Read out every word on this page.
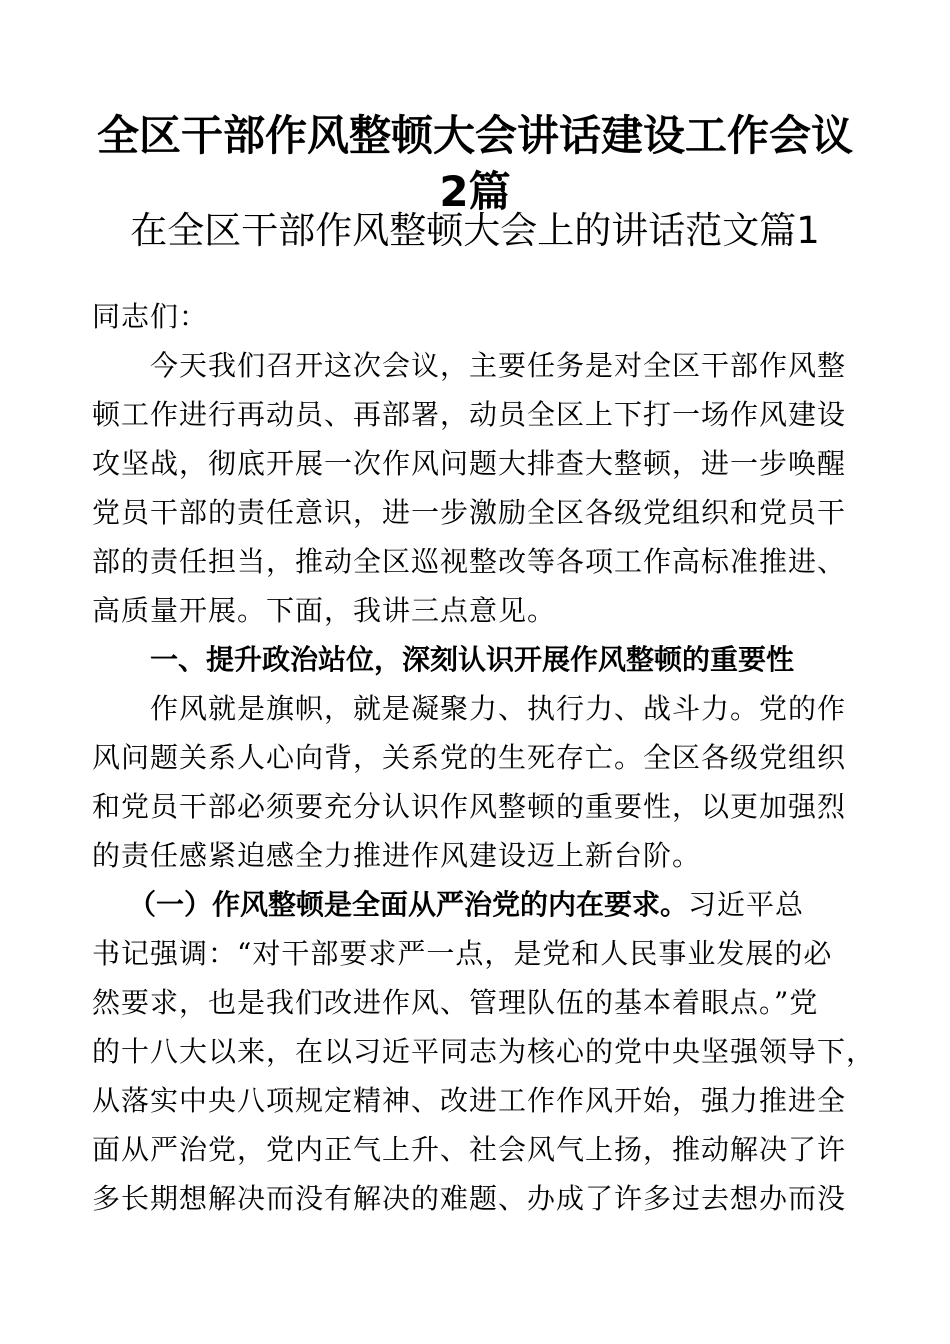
全区干部作风整顿大会讲话建设工作会议
2篇
在全区干部作风整顿大会上的讲话范文篇1
同志们：
今天我们召开这次会议，主要任务是对全区干部作风整
顿工作进行再动员、再部署，动员全区上下打一场作风建设
攻坚战，彻底开展一次作风问题大排查大整顿，进一步唤醒
党员干部的责任意识，进一步激励全区各级党组织和党员干
部的责任担当，推动全区巡视整改等各项工作高标准推进、
高质量开展。下面，我讲三点意见。
一、提升政治站位，深刻认识开展作风整顿的重要性
作风就是旗帜，就是凝聚力、执行力、战斗力。党的作
风问题关系人心向背，关系党的生死存亡。全区各级党组织
和党员干部必须要充分认识作风整顿的重要性，以更加强烈
的责任感紧迫感全力推进作风建设迈上新台阶。
（一）作风整顿是全面从严治党的内在要求。习近平总
书记强调：“对干部要求严一点，是党和人民事业发展的必
然要求，也是我们改进作风、管理队伍的基本着眼点。”党
的十八大以来，在以习近平同志为核心的党中央坚强领导下，
从落实中央八项规定精神、改进工作作风开始，强力推进全
面从严治党，党内正气上升、社会风气上扬，推动解决了许
多长期想解决而没有解决的难题、办成了许多过去想办而没
